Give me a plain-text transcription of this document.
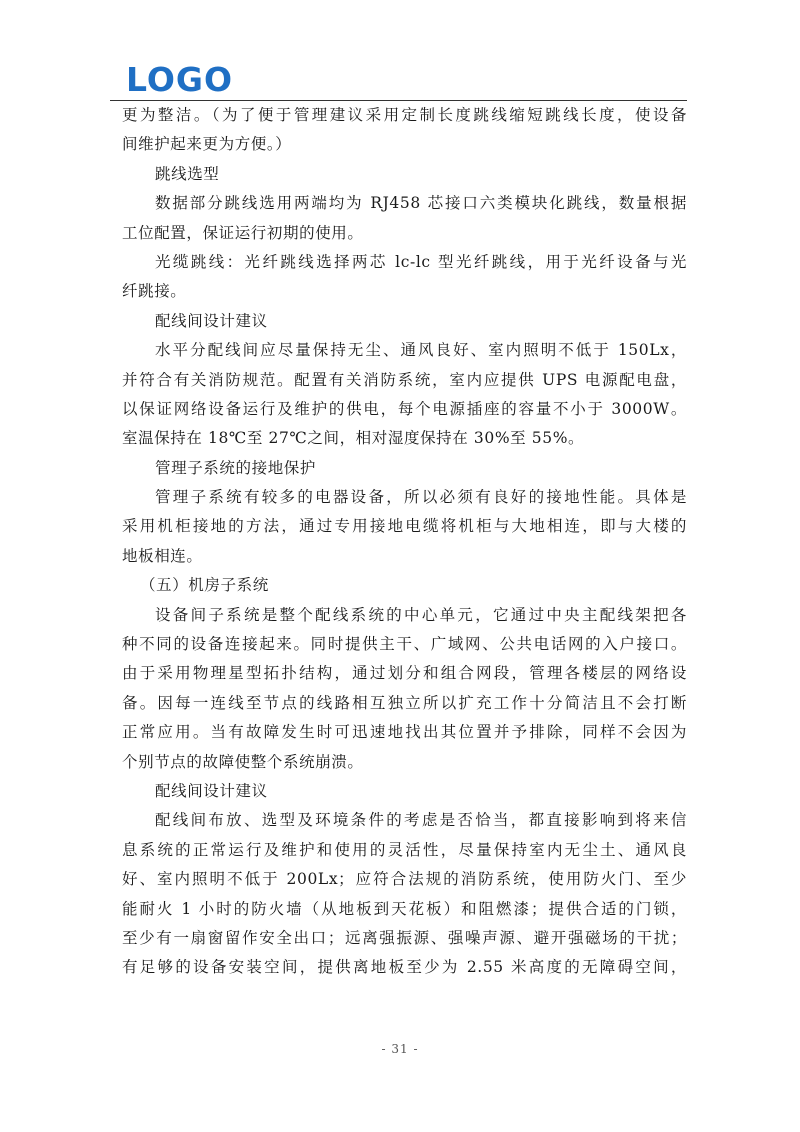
LOGO
更为整洁。（为了便于管理建议采用定制长度跳线缩短跳线长度，使设备
间维护起来更为方便。）
跳线选型
数据部分跳线选用两端均为 RJ458 芯接口六类模块化跳线，数量根据
工位配置，保证运行初期的使用。
光缆跳线：光纤跳线选择两芯 lc-lc 型光纤跳线，用于光纤设备与光
纤跳接。
配线间设计建议
水平分配线间应尽量保持无尘、通风良好、室内照明不低于 150Lx，
并符合有关消防规范。配置有关消防系统，室内应提供 UPS 电源配电盘，
以保证网络设备运行及维护的供电，每个电源插座的容量不小于 3000W。
室温保持在 18℃至 27℃之间，相对湿度保持在 30%至 55%。
管理子系统的接地保护
管理子系统有较多的电器设备，所以必须有良好的接地性能。具体是
采用机柜接地的方法，通过专用接地电缆将机柜与大地相连，即与大楼的
地板相连。
（五）机房子系统
设备间子系统是整个配线系统的中心单元，它通过中央主配线架把各
种不同的设备连接起来。同时提供主干、广域网、公共电话网的入户接口。
由于采用物理星型拓扑结构，通过划分和组合网段，管理各楼层的网络设
备。因每一连线至节点的线路相互独立所以扩充工作十分简洁且不会打断
正常应用。当有故障发生时可迅速地找出其位置并予排除，同样不会因为
个别节点的故障使整个系统崩溃。
配线间设计建议
配线间布放、选型及环境条件的考虑是否恰当，都直接影响到将来信
息系统的正常运行及维护和使用的灵活性，尽量保持室内无尘土、通风良
好、室内照明不低于 200Lx；应符合法规的消防系统，使用防火门、至少
能耐火 1 小时的防火墙（从地板到天花板）和阻燃漆；提供合适的门锁，
至少有一扇窗留作安全出口；远离强振源、强噪声源、避开强磁场的干扰；
有足够的设备安装空间，提供离地板至少为 2.55 米高度的无障碍空间，
- 31 -
